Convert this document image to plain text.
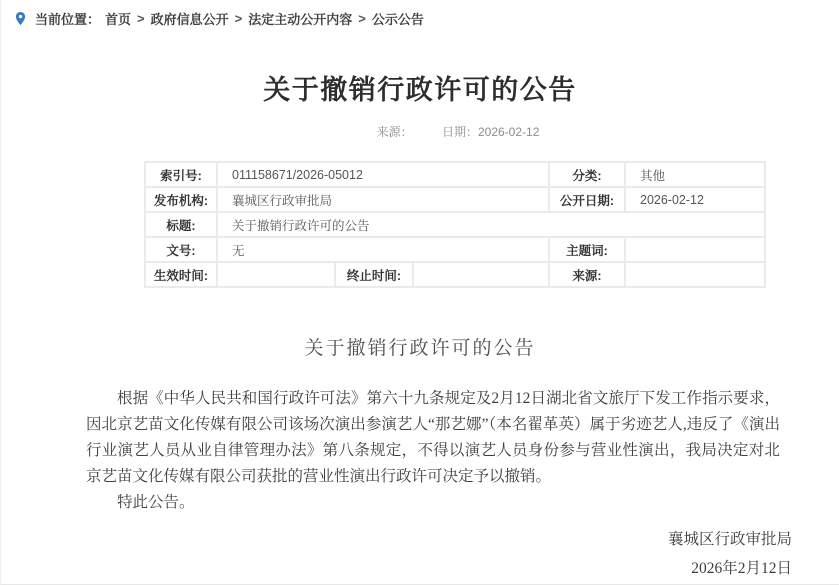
当前位置： 首页 > 政府信息公开 > 法定主动公开内容 > 公示公告
关于撤销行政许可的公告
来源： 日期：2026-02-12
索引号:	011158671/2026-05012			分类:	其他
发布机构:	襄城区行政审批局			公开日期:	2026-02-12
标题:	关于撤销行政许可的公告				
文号:	无			主题词:	
生效时间:		终止时间:		来源:	
关于撤销行政许可的公告

根据《中华人民共和国行政许可法》第六十九条规定及2月12日湖北省文旅厅下发工作指示要求，因北京艺苗文化传媒有限公司该场次演出参演艺人“那艺娜”（本名翟革英）属于劣迹艺人,违反了《演出行业演艺人员从业自律管理办法》第八条规定，不得以演艺人员身份参与营业性演出，我局决定对北京艺苗文化传媒有限公司获批的营业性演出行政许可决定予以撤销。

特此公告。

襄城区行政审批局
2026年2月12日
